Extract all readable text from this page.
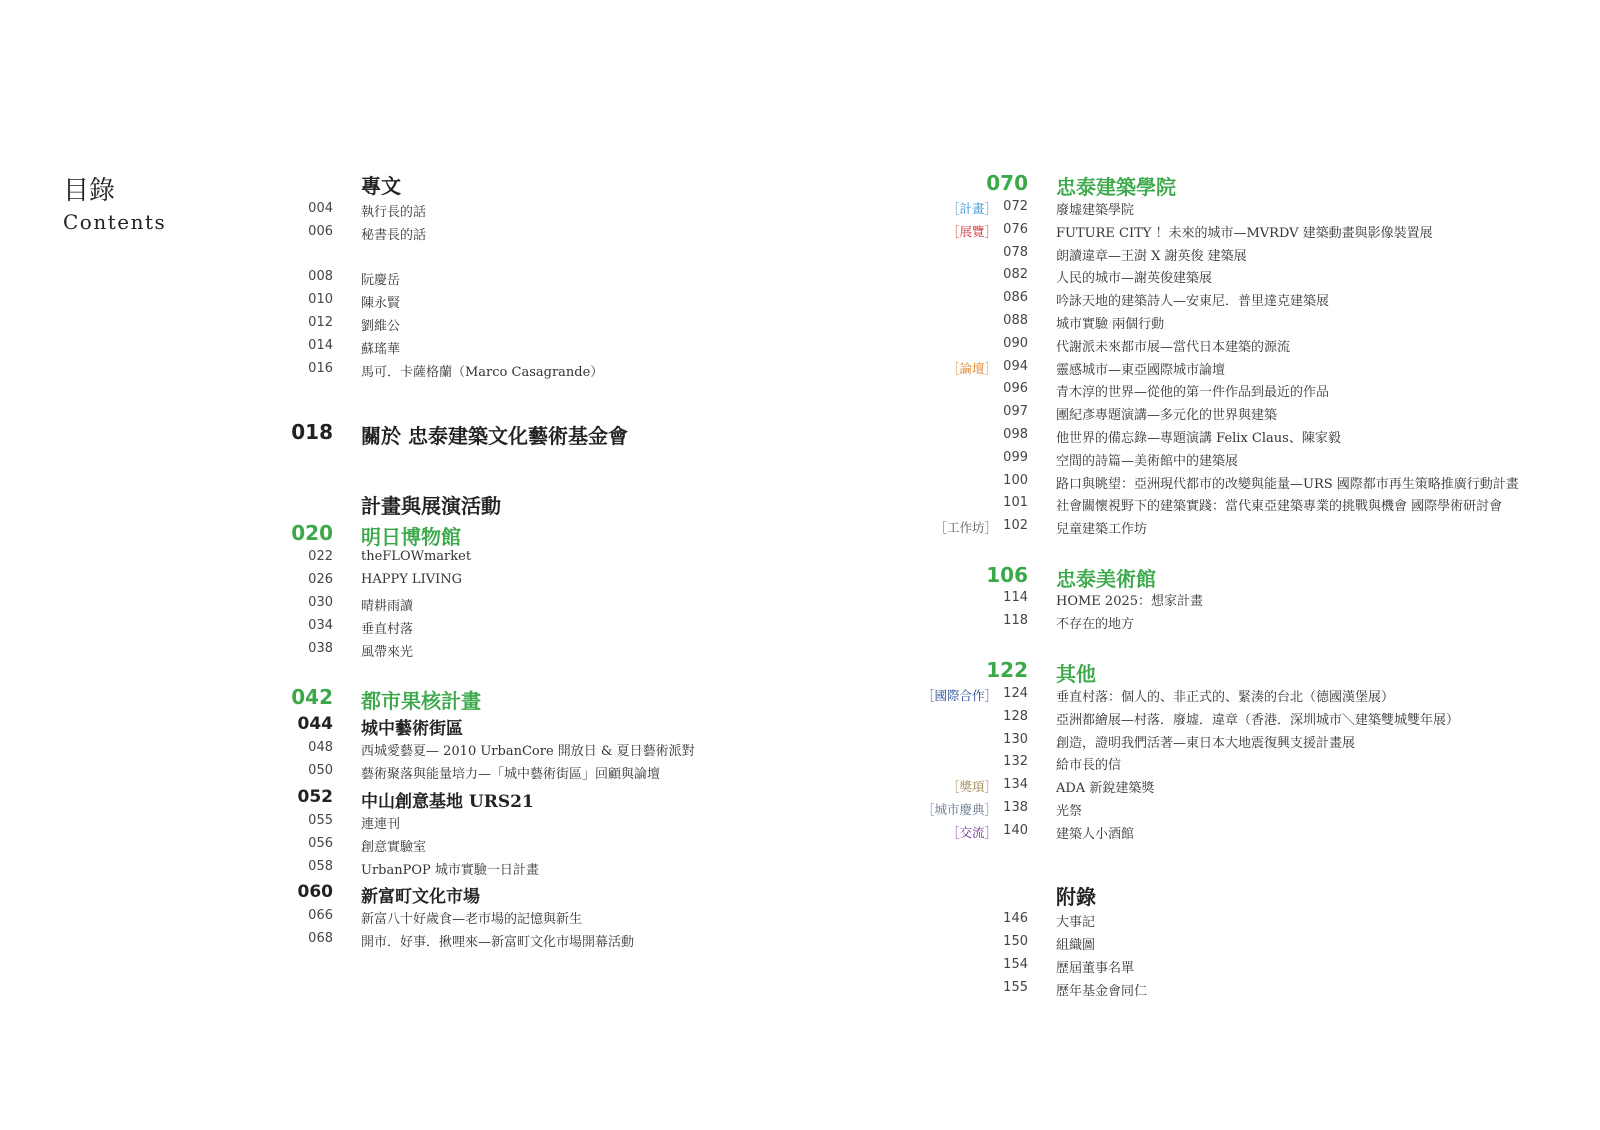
目錄
Contents
專文
004 執行長的話
006 秘書長的話
008 阮慶岳
010 陳永賢
012 劉維公
014 蘇瑤華
016 馬可．卡薩格蘭（Marco Casagrande）
018 關於 忠泰建築文化藝術基金會
計畫與展演活動
020 明日博物館
022 theFLOWmarket
026 HAPPY LIVING
030 晴耕雨讀
034 垂直村落
038 風帶來光
042 都市果核計畫
044 城中藝術街區
048 西城愛藝夏— 2010 UrbanCore 開放日 & 夏日藝術派對
050 藝術聚落與能量培力—「城中藝術街區」回顧與論壇
052 中山創意基地 URS21
055 連連刊
056 創意實驗室
058 UrbanPOP 城市實驗一日計畫
060 新富町文化市場
066 新富八十好歲食—老市場的記憶與新生
068 開市．好事．揪哩來—新富町文化市場開幕活動
070 忠泰建築學院
［計畫］ 072 廢墟建築學院
［展覽］ 076 FUTURE CITY ！未來的城市—MVRDV 建築動畫與影像裝置展
078 朗讀違章—王澍 X 謝英俊 建築展
082 人民的城市—謝英俊建築展
086 吟詠天地的建築詩人—安東尼．普里達克建築展
088 城市實驗 兩個行動
090 代謝派未來都市展—當代日本建築的源流
［論壇］ 094 靈感城市—東亞國際城市論壇
096 青木淳的世界—從他的第一件作品到最近的作品
097 團紀彥專題演講—多元化的世界與建築
098 他世界的備忘錄—專題演講 Felix Claus、陳家毅
099 空間的詩篇—美術館中的建築展
100 路口與眺望：亞洲現代都市的改變與能量—URS 國際都市再生策略推廣行動計畫
101 社會關懷視野下的建築實踐：當代東亞建築專業的挑戰與機會 國際學術研討會
［工作坊］ 102 兒童建築工作坊
106 忠泰美術館
114 HOME 2025：想家計畫
118 不存在的地方
122 其他
［國際合作］ 124 垂直村落：個人的、非正式的、緊湊的台北（德國漢堡展）
128 亞洲都繪展—村落．廢墟．違章（香港．深圳城市＼建築雙城雙年展）
130 創造，證明我們活著—東日本大地震復興支援計畫展
132 給市長的信
［獎項］ 134 ADA 新銳建築獎
［城市慶典］ 138 光祭
［交流］ 140 建築人小酒館
附錄
146 大事記
150 組織圖
154 歷屆董事名單
155 歷年基金會同仁
